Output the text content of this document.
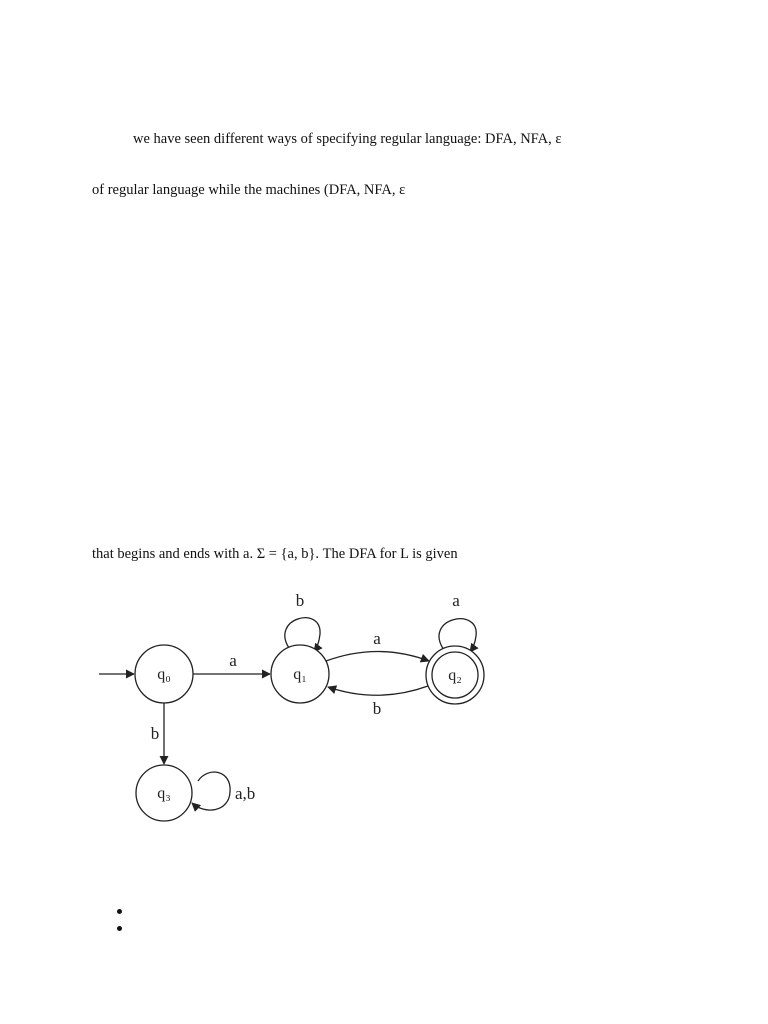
we have seen different ways of specifying regular language: DFA, NFA, ε
of regular language while the machines (DFA, NFA, ε
that begins and ends with a. Σ = {a, b}. The DFA for L is given
a
b
b
a
a
b
a,b
q₀	q₁	q₂
q₃
